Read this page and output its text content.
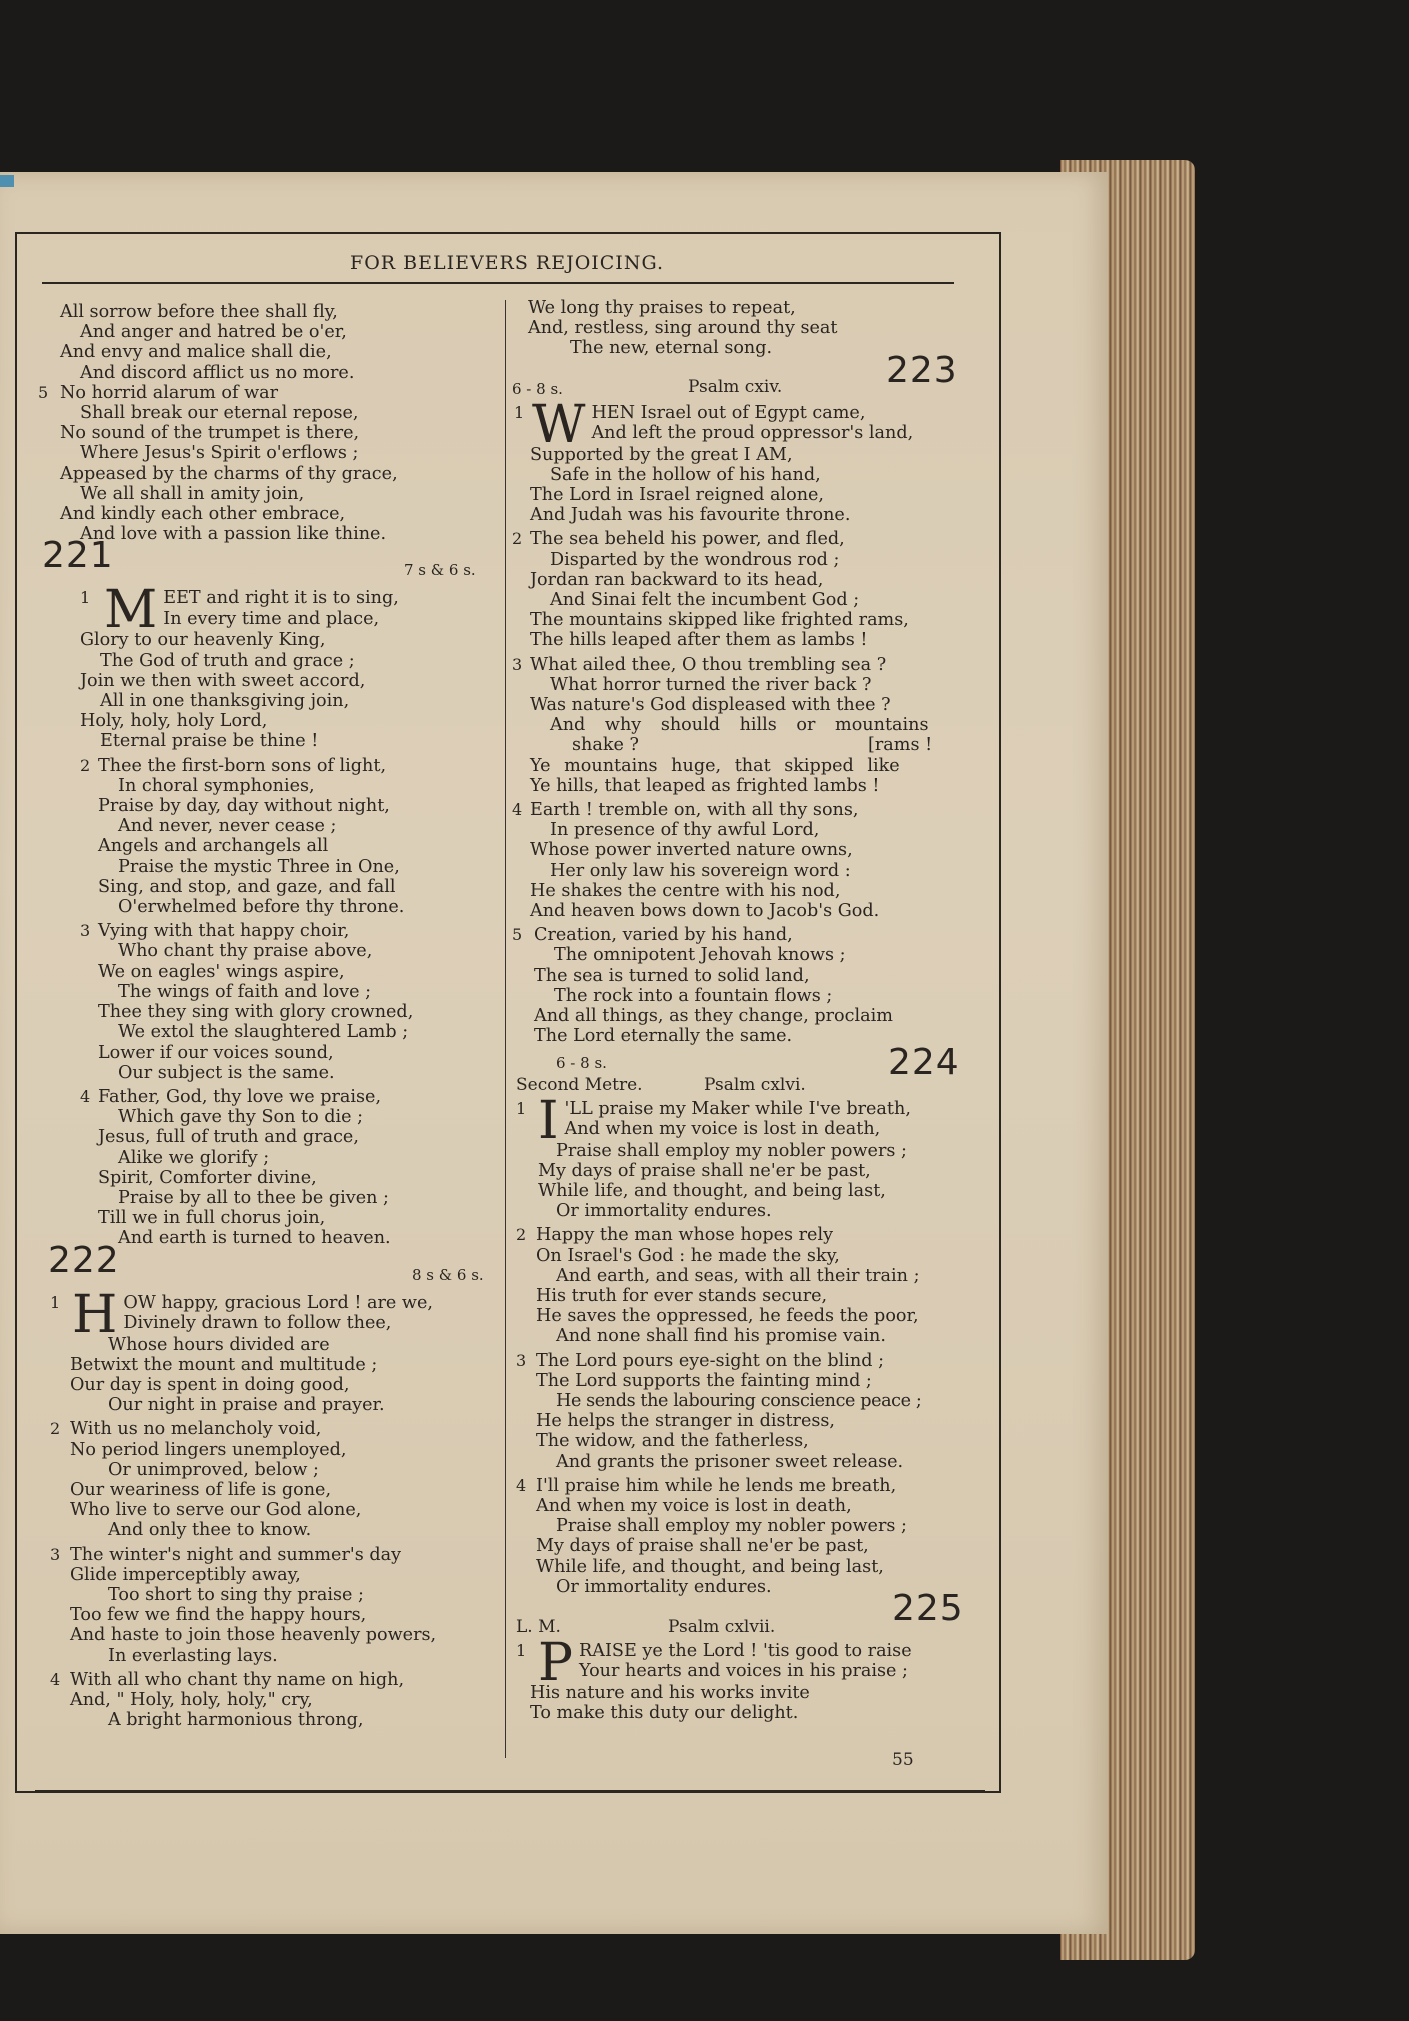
FOR BELIEVERS REJOICING.
55
All sorrow before thee shall fly,
And anger and hatred be o'er,
And envy and malice shall die,
And discord afflict us no more.
5 No horrid alarum of war
Shall break our eternal repose,
No sound of the trumpet is there,
Where Jesus's Spirit o'erflows ;
Appeased by the charms of thy grace,
We all shall in amity join,
And kindly each other embrace,
And love with a passion like thine.
221	7 s & 6 s.
1 M EET and right it is to sing,
In every time and place,
Glory to our heavenly King,
The God of truth and grace ;
Join we then with sweet accord,
All in one thanksgiving join,
Holy, holy, holy Lord,
Eternal praise be thine !
2 Thee the first-born sons of light,
In choral symphonies,
Praise by day, day without night,
And never, never cease ;
Angels and archangels all
Praise the mystic Three in One,
Sing, and stop, and gaze, and fall
O'erwhelmed before thy throne.
3 Vying with that happy choir,
Who chant thy praise above,
We on eagles' wings aspire,
The wings of faith and love ;
Thee they sing with glory crowned,
We extol the slaughtered Lamb ;
Lower if our voices sound,
Our subject is the same.
4 Father, God, thy love we praise,
Which gave thy Son to die ;
Jesus, full of truth and grace,
Alike we glorify ;
Spirit, Comforter divine,
Praise by all to thee be given ;
Till we in full chorus join,
And earth is turned to heaven.
222	8 s & 6 s.
1 H OW happy, gracious Lord ! are we,
Divinely drawn to follow thee,
Whose hours divided are
Betwixt the mount and multitude ;
Our day is spent in doing good,
Our night in praise and prayer.
2 With us no melancholy void,
No period lingers unemployed,
Or unimproved, below ;
Our weariness of life is gone,
Who live to serve our God alone,
And only thee to know.
3 The winter's night and summer's day
Glide imperceptibly away,
Too short to sing thy praise ;
Too few we find the happy hours,
And haste to join those heavenly powers,
In everlasting lays.
4 With all who chant thy name on high,
And, " Holy, holy, holy," cry,
A bright harmonious throng,
We long thy praises to repeat,
And, restless, sing around thy seat
The new, eternal song.
6 - 8 s.	Psalm cxiv.	223
1 W HEN Israel out of Egypt came,
And left the proud oppressor's land,
Supported by the great I AM,
Safe in the hollow of his hand,
The Lord in Israel reigned alone,
And Judah was his favourite throne.
2 The sea beheld his power, and fled,
Disparted by the wondrous rod ;
Jordan ran backward to its head,
And Sinai felt the incumbent God ;
The mountains skipped like frighted rams,
The hills leaped after them as lambs !
3 What ailed thee, O thou trembling sea ?
What horror turned the river back ?
Was nature's God displeased with thee ?
And why should hills or mountains
shake ?	[rams !
Ye mountains huge, that skipped like
Ye hills, that leaped as frighted lambs !
4 Earth ! tremble on, with all thy sons,
In presence of thy awful Lord,
Whose power inverted nature owns,
Her only law his sovereign word :
He shakes the centre with his nod,
And heaven bows down to Jacob's God.
5 Creation, varied by his hand,
The omnipotent Jehovah knows ;
The sea is turned to solid land,
The rock into a fountain flows ;
And all things, as they change, proclaim
The Lord eternally the same.
6 - 8 s.
Second Metre.	Psalm cxlvi.
224
1 I 'LL praise my Maker while I've breath,
And when my voice is lost in death,
Praise shall employ my nobler powers ;
My days of praise shall ne'er be past,
While life, and thought, and being last,
Or immortality endures.
2 Happy the man whose hopes rely
On Israel's God : he made the sky,
And earth, and seas, with all their train ;
His truth for ever stands secure,
He saves the oppressed, he feeds the poor,
And none shall find his promise vain.
3 The Lord pours eye-sight on the blind ;
The Lord supports the fainting mind ;
He sends the labouring conscience peace ;
He helps the stranger in distress,
The widow, and the fatherless,
And grants the prisoner sweet release.
4 I'll praise him while he lends me breath,
And when my voice is lost in death,
Praise shall employ my nobler powers ;
My days of praise shall ne'er be past,
While life, and thought, and being last,
Or immortality endures.
L. M.	Psalm cxlvii.	225
1 P RAISE ye the Lord ! 'tis good to raise
Your hearts and voices in his praise ;
His nature and his works invite
To make this duty our delight.
